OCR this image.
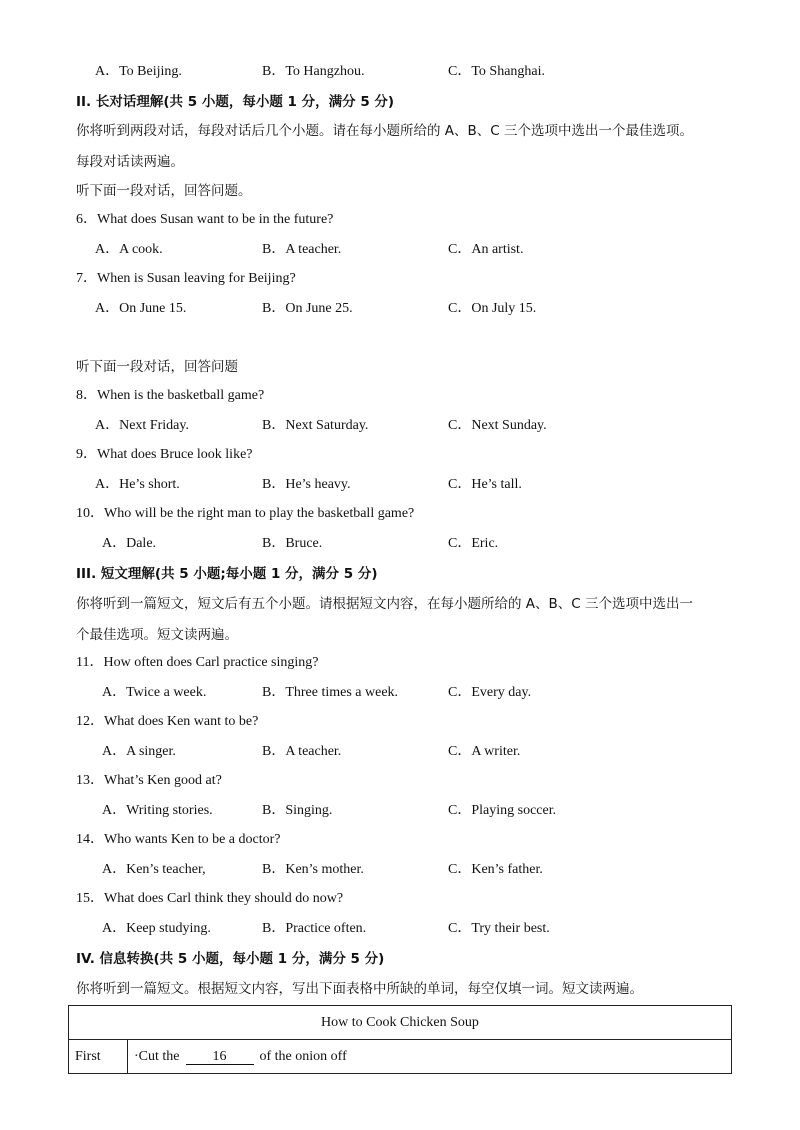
A．To Beijing.	B．To Hangzhou.	C．To Shanghai.
II. 长对话理解(共 5 小题，每小题 1 分，满分 5 分)
你将听到两段对话，每段对话后几个小题。请在每小题所给的 A、B、C 三个选项中选出一个最佳选项。
每段对话读两遍。
听下面一段对话，回答问题。
6．What does Susan want to be in the future?
A．A cook.	B．A teacher.	C．An artist.
7．When is Susan leaving for Beijing?
A．On June 15.	B．On June 25.	C．On July 15.
听下面一段对话，回答问题
8．When is the basketball game?
A．Next Friday.	B．Next Saturday.	C．Next Sunday.
9．What does Bruce look like?
A．He’s short.	B．He’s heavy.	C．He’s tall.
10．Who will be the right man to play the basketball game?
A．Dale.	B．Bruce.	C．Eric.
III. 短文理解(共 5 小题;每小题 1 分，满分 5 分)
你将听到一篇短文，短文后有五个小题。请根据短文内容，在每小题所给的 A、B、C 三个选项中选出一
个最佳选项。短文读两遍。
11．How often does Carl practice singing?
A．Twice a week.	B．Three times a week.	C．Every day.
12．What does Ken want to be?
A．A singer.	B．A teacher.	C．A writer.
13．What’s Ken good at?
A．Writing stories.	B．Singing.	C．Playing soccer.
14．Who wants Ken to be a doctor?
A．Ken’s teacher,	B．Ken’s mother.	C．Ken’s father.
15．What does Carl think they should do now?
A．Keep studying.	B．Practice often.	C．Try their best.
IV. 信息转换(共 5 小题，每小题 1 分，满分 5 分)
你将听到一篇短文。根据短文内容，写出下面表格中所缺的单词，每空仅填一词。短文读两遍。
How to Cook Chicken Soup
First	·Cut the 16 of the onion off
